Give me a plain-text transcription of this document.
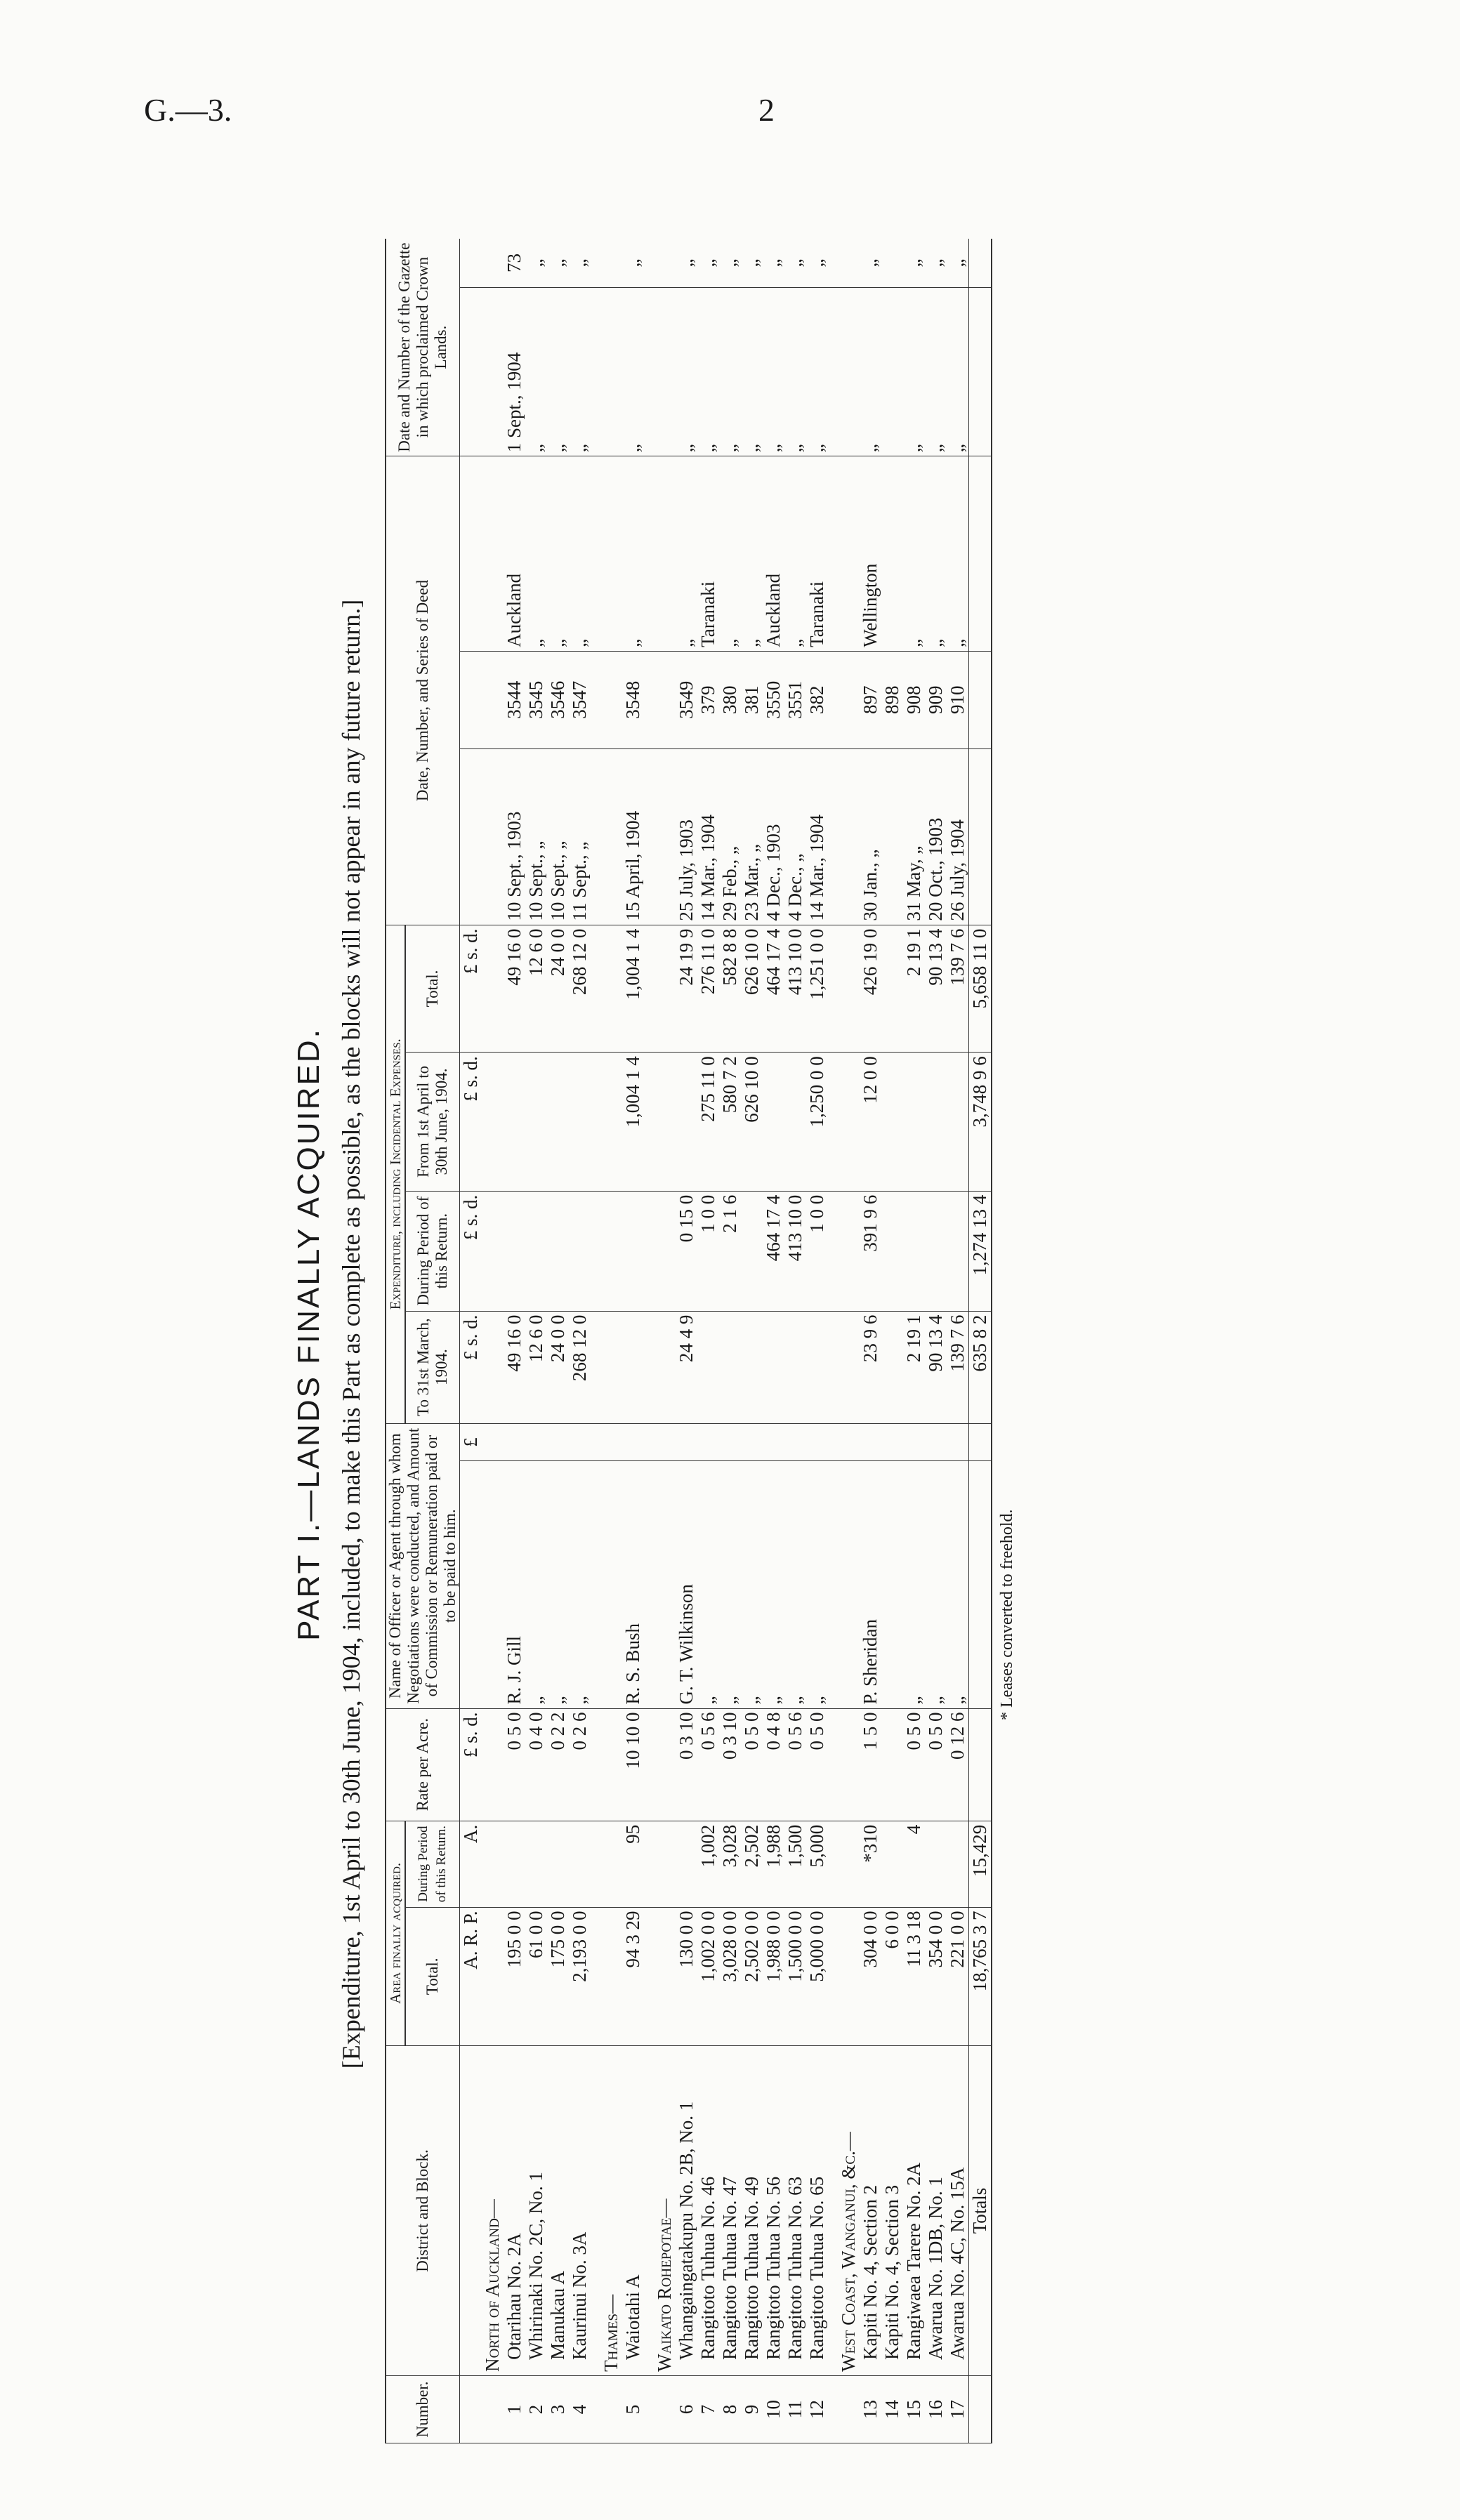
G.—3.	2
PART I.—LANDS FINALLY ACQUIRED. [Expenditure, 1st April to 30th June, 1904, included, to make this Part as complete as possible, as the blocks will not appear in any future return.]
Number.	District and Block.	Area finally acquired.		Rate per Acre.	Name of Officer or Agent through whom Negotiations were conducted, and Amount of Commission or Remuneration paid or to be paid to him.		Expenditure, including Incidental Expenses.				Date, Number, and Series of Deed			Date and Number of the Gazette in which proclaimed Crown Lands.	
		Total.	During Period of this Return.				To 31st March, 1904.	During Period of this Return.	From 1st April to 30th June, 1904.	Total.					

		A. R. P.	A.	£ s. d.		£	£ s. d.	£ s. d.	£ s. d.	£ s. d.					
	North of Auckland—														
1	Otarihau No. 2A	195 0 0		0 5 0	R. J. Gill		49 16 0			49 16 0	10 Sept., 1903	3544	Auckland	1 Sept., 1904	73
2	Whirinaki No. 2C, No. 1	61 0 0		0 4 0	„		12 6 0			12 6 0	10 Sept., „	3545	„	„	„
3	Manukau A	175 0 0		0 2 2	„		24 0 0			24 0 0	10 Sept., „	3546	„	„	„
4	Kaurinui No. 3A	2,193 0 0		0 2 6	„		268 12 0			268 12 0	11 Sept., „	3547	„	„	„

	Thames—														
5	Waiotahi A	94 3 29	95	10 10 0	R. S. Bush				1,004 1 4	1,004 1 4	15 April, 1904	3548	„	„	„

	Waikato Rohepotae—														
6	Whangaingatakupu No. 2B, No. 1	130 0 0		0 3 10	G. T. Wilkinson		24 4 9	0 15 0		24 19 9	25 July, 1903	3549	„	„	„
7	Rangitoto Tuhua No. 46	1,002 0 0	1,002	0 5 6	„			1 0 0	275 11 0	276 11 0	14 Mar., 1904	379	Taranaki	„	„
8	Rangitoto Tuhua No. 47	3,028 0 0	3,028	0 3 10	„			2 1 6	580 7 2	582 8 8	29 Feb., „	380	„	„	„
9	Rangitoto Tuhua No. 49	2,502 0 0	2,502	0 5 0	„				626 10 0	626 10 0	23 Mar., „	381	„	„	„
10	Rangitoto Tuhua No. 56	1,988 0 0	1,988	0 4 8	„			464 17 4		464 17 4	4 Dec., 1903	3550	Auckland	„	„
11	Rangitoto Tuhua No. 63	1,500 0 0	1,500	0 5 6	„			413 10 0		413 10 0	4 Dec., „	3551	„	„	„
12	Rangitoto Tuhua No. 65	5,000 0 0	5,000	0 5 0	„			1 0 0	1,250 0 0	1,251 0 0	14 Mar., 1904	382	Taranaki	„	„

	West Coast, Wanganui, &c.—														
13	Kapiti No. 4, Section 2	304 0 0	*310	1 5 0	P. Sheridan		23 9 6	391 9 6	12 0 0	426 19 0	30 Jan., „	897	Wellington	„	„
14	Kapiti No. 4, Section 3	6 0 0										898			
15	Rangiwaea Tarere No. 2A	11 3 18	4	0 5 0	„		2 19 1			2 19 1	31 May, „	908	„	„	„
16	Awarua No. 1DB, No. 1	354 0 0		0 5 0	„		90 13 4			90 13 4	20 Oct., 1903	909	„	„	„
17	Awarua No. 4C, No. 15A	221 0 0		0 12 6	„		139 7 6			139 7 6	26 July, 1904	910	„	„	„
	Totals	18,765 3 7	15,429				635 8 2	1,274 13 4	3,748 9 6	5,658 11 0					
* Leases converted to freehold.
